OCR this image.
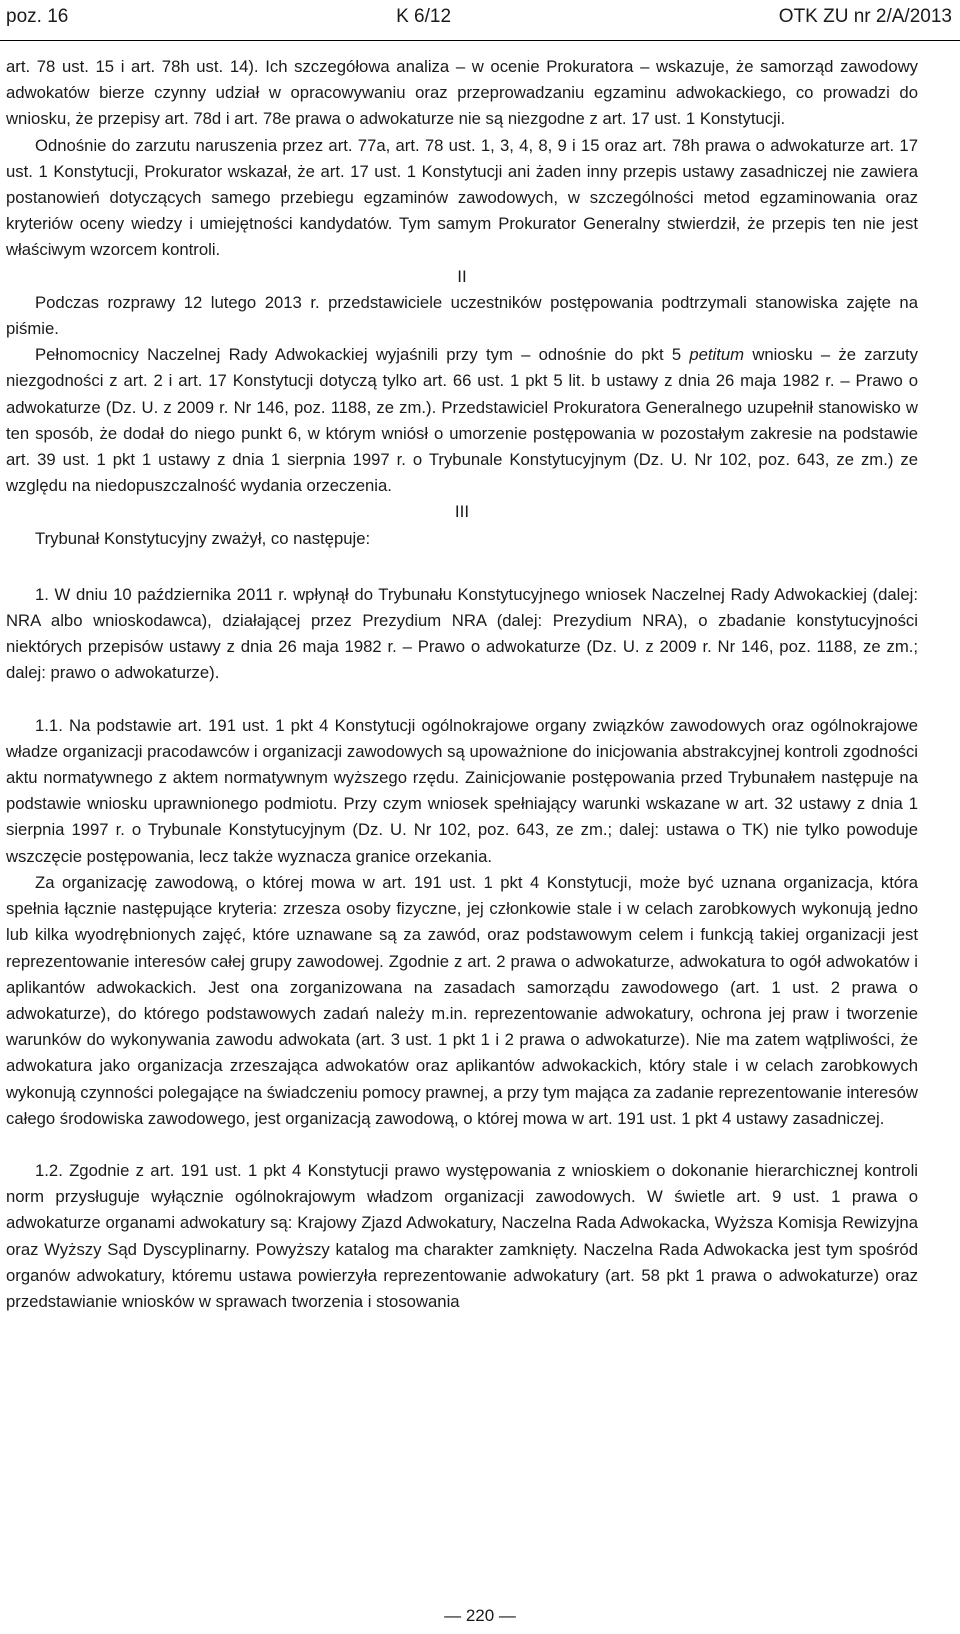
poz. 16	K 6/12	OTK ZU nr 2/A/2013

art. 78 ust. 15 i art. 78h ust. 14). Ich szczegółowa analiza – w ocenie Prokuratora – wskazuje, że samorząd zawodowy adwokatów bierze czynny udział w opracowywaniu oraz przeprowadzaniu egzaminu adwokackiego, co prowadzi do wniosku, że przepisy art. 78d i art. 78e prawa o adwokaturze nie są niezgodne z art. 17 ust. 1 Konstytucji.

Odnośnie do zarzutu naruszenia przez art. 77a, art. 78 ust. 1, 3, 4, 8, 9 i 15 oraz art. 78h prawa o adwokaturze art. 17 ust. 1 Konstytucji, Prokurator wskazał, że art. 17 ust. 1 Konstytucji ani żaden inny przepis ustawy zasadniczej nie zawiera postanowień dotyczących samego przebiegu egzaminów zawodowych, w szczególności metod egzaminowania oraz kryteriów oceny wiedzy i umiejętności kandydatów. Tym samym Prokurator Generalny stwierdził, że przepis ten nie jest właściwym wzorcem kontroli.

II

Podczas rozprawy 12 lutego 2013 r. przedstawiciele uczestników postępowania podtrzymali stanowiska zajęte na piśmie.

Pełnomocnicy Naczelnej Rady Adwokackiej wyjaśnili przy tym – odnośnie do pkt 5 petitum wniosku – że zarzuty niezgodności z art. 2 i art. 17 Konstytucji dotyczą tylko art. 66 ust. 1 pkt 5 lit. b ustawy z dnia 26 maja 1982 r. – Prawo o adwokaturze (Dz. U. z 2009 r. Nr 146, poz. 1188, ze zm.). Przedstawiciel Prokuratora Generalnego uzupełnił stanowisko w ten sposób, że dodał do niego punkt 6, w którym wniósł o umorzenie postępowania w pozostałym zakresie na podstawie art. 39 ust. 1 pkt 1 ustawy z dnia 1 sierpnia 1997 r. o Trybunale Konstytucyjnym (Dz. U. Nr 102, poz. 643, ze zm.) ze względu na niedopuszczalność wydania orzeczenia.

III

Trybunał Konstytucyjny zważył, co następuje:

1. W dniu 10 października 2011 r. wpłynął do Trybunału Konstytucyjnego wniosek Naczelnej Rady Adwokackiej (dalej: NRA albo wnioskodawca), działającej przez Prezydium NRA (dalej: Prezydium NRA), o zbadanie konstytucyjności niektórych przepisów ustawy z dnia 26 maja 1982 r. – Prawo o adwokaturze (Dz. U. z 2009 r. Nr 146, poz. 1188, ze zm.; dalej: prawo o adwokaturze).

1.1. Na podstawie art. 191 ust. 1 pkt 4 Konstytucji ogólnokrajowe organy związków zawodowych oraz ogólnokrajowe władze organizacji pracodawców i organizacji zawodowych są upoważnione do inicjowania abstrakcyjnej kontroli zgodności aktu normatywnego z aktem normatywnym wyższego rzędu. Zainicjowanie postępowania przed Trybunałem następuje na podstawie wniosku uprawnionego podmiotu. Przy czym wniosek spełniający warunki wskazane w art. 32 ustawy z dnia 1 sierpnia 1997 r. o Trybunale Konstytucyjnym (Dz. U. Nr 102, poz. 643, ze zm.; dalej: ustawa o TK) nie tylko powoduje wszczęcie postępowania, lecz także wyznacza granice orzekania.

Za organizację zawodową, o której mowa w art. 191 ust. 1 pkt 4 Konstytucji, może być uznana organizacja, która spełnia łącznie następujące kryteria: zrzesza osoby fizyczne, jej członkowie stale i w celach zarobkowych wykonują jedno lub kilka wyodrębnionych zajęć, które uznawane są za zawód, oraz podstawowym celem i funkcją takiej organizacji jest reprezentowanie interesów całej grupy zawodowej. Zgodnie z art. 2 prawa o adwokaturze, adwokatura to ogół adwokatów i aplikantów adwokackich. Jest ona zorganizowana na zasadach samorządu zawodowego (art. 1 ust. 2 prawa o adwokaturze), do którego podstawowych zadań należy m.in. reprezentowanie adwokatury, ochrona jej praw i tworzenie warunków do wykonywania zawodu adwokata (art. 3 ust. 1 pkt 1 i 2 prawa o adwokaturze). Nie ma zatem wątpliwości, że adwokatura jako organizacja zrzeszająca adwokatów oraz aplikantów adwokackich, który stale i w celach zarobkowych wykonują czynności polegające na świadczeniu pomocy prawnej, a przy tym mająca za zadanie reprezentowanie interesów całego środowiska zawodowego, jest organizacją zawodową, o której mowa w art. 191 ust. 1 pkt 4 ustawy zasadniczej.

1.2. Zgodnie z art. 191 ust. 1 pkt 4 Konstytucji prawo występowania z wnioskiem o dokonanie hierarchicznej kontroli norm przysługuje wyłącznie ogólnokrajowym władzom organizacji zawodowych. W świetle art. 9 ust. 1 prawa o adwokaturze organami adwokatury są: Krajowy Zjazd Adwokatury, Naczelna Rada Adwokacka, Wyższa Komisja Rewizyjna oraz Wyższy Sąd Dyscyplinarny. Powyższy katalog ma charakter zamknięty. Naczelna Rada Adwokacka jest tym spośród organów adwokatury, któremu ustawa powierzyła reprezentowanie adwokatury (art. 58 pkt 1 prawa o adwokaturze) oraz przedstawianie wniosków w sprawach tworzenia i stosowania

— 220 —
